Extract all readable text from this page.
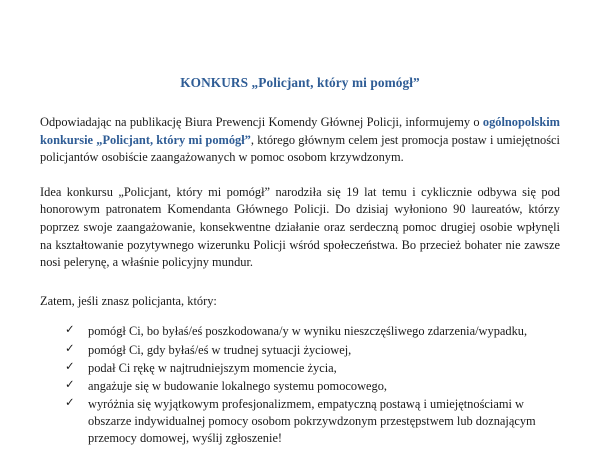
KONKURS „Policjant, który mi pomógł”

Odpowiadając na publikację Biura Prewencji Komendy Głównej Policji, informujemy o ogólnopolskim konkursie „Policjant, który mi pomógł”, którego głównym celem jest promocja postaw i umiejętności policjantów osobiście zaangażowanych w pomoc osobom krzywdzonym.

Idea konkursu „Policjant, który mi pomógł” narodziła się 19 lat temu i cyklicznie odbywa się pod honorowym patronatem Komendanta Głównego Policji. Do dzisiaj wyłoniono 90 laureatów, którzy poprzez swoje zaangażowanie, konsekwentne działanie oraz serdeczną pomoc drugiej osobie wpłynęli na kształtowanie pozytywnego wizerunku Policji wśród społeczeństwa. Bo przecież bohater nie zawsze nosi pelerynę, a właśnie policyjny mundur.

Zatem, jeśli znasz policjanta, który:

✓ pomógł Ci, bo byłaś/eś poszkodowana/y w wyniku nieszczęśliwego zdarzenia/wypadku,
✓ pomógł Ci, gdy byłaś/eś w trudnej sytuacji życiowej,
✓ podał Ci rękę w najtrudniejszym momencie życia,
✓ angażuje się w budowanie lokalnego systemu pomocowego,
✓ wyróżnia się wyjątkowym profesjonalizmem, empatyczną postawą i umiejętnościami w obszarze indywidualnej pomocy osobom pokrzywdzonym przestępstwem lub doznającym przemocy domowej, wyślij zgłoszenie!
